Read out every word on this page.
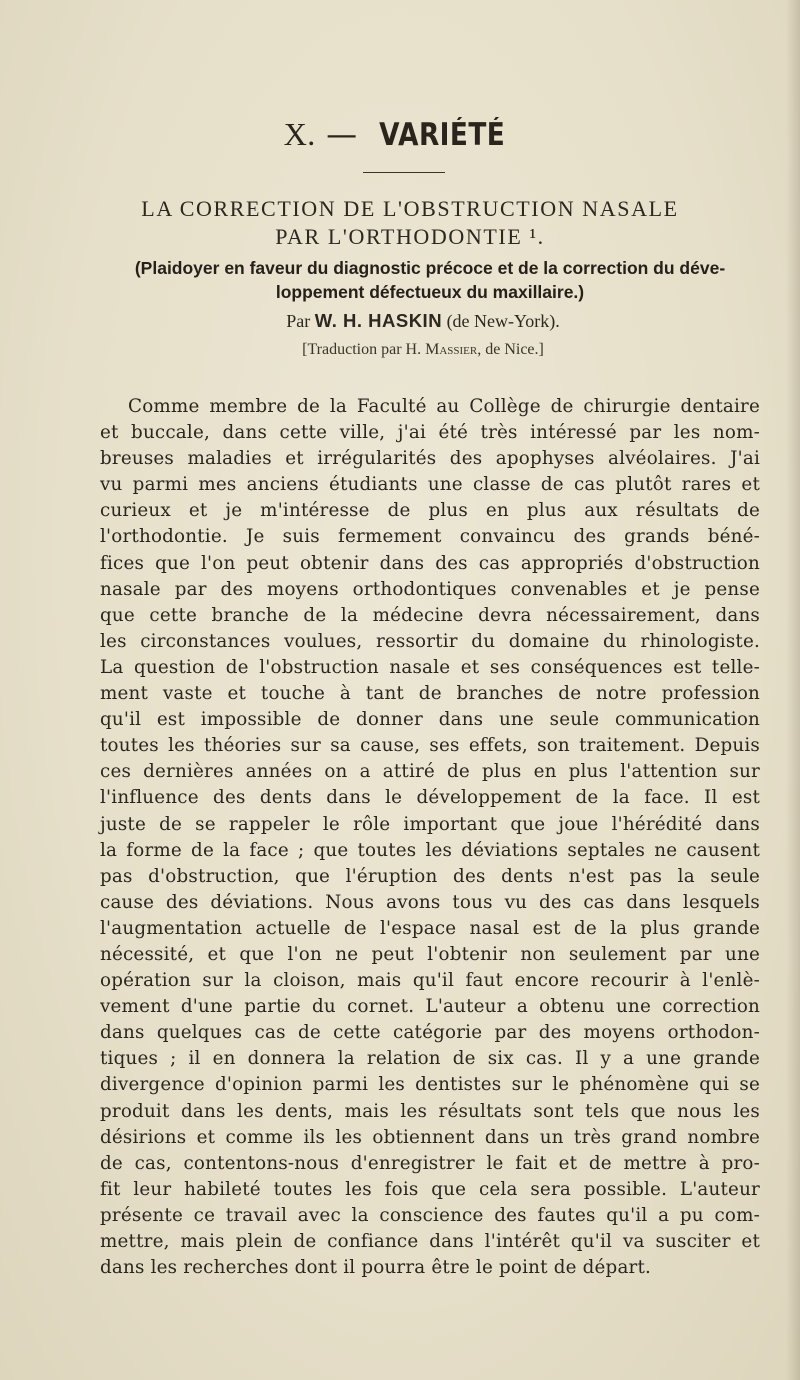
X. — VARIÉTÉ
LA CORRECTION DE L'OBSTRUCTION NASALE
PAR L'ORTHODONTIE ¹.
(Plaidoyer en faveur du diagnostic précoce et de la correction du déve-
loppement défectueux du maxillaire.)
Par W. H. HASKIN (de New-York).
[Traduction par H. Massier, de Nice.]
Comme membre de la Faculté au Collège de chirurgie dentaire
et buccale, dans cette ville, j'ai été très intéressé par les nom-
breuses maladies et irrégularités des apophyses alvéolaires. J'ai
vu parmi mes anciens étudiants une classe de cas plutôt rares et
curieux et je m'intéresse de plus en plus aux résultats de
l'orthodontie. Je suis fermement convaincu des grands béné-
fices que l'on peut obtenir dans des cas appropriés d'obstruction
nasale par des moyens orthodontiques convenables et je pense
que cette branche de la médecine devra nécessairement, dans
les circonstances voulues, ressortir du domaine du rhinologiste.
La question de l'obstruction nasale et ses conséquences est telle-
ment vaste et touche à tant de branches de notre profession
qu'il est impossible de donner dans une seule communication
toutes les théories sur sa cause, ses effets, son traitement. Depuis
ces dernières années on a attiré de plus en plus l'attention sur
l'influence des dents dans le développement de la face. Il est
juste de se rappeler le rôle important que joue l'hérédité dans
la forme de la face ; que toutes les déviations septales ne causent
pas d'obstruction, que l'éruption des dents n'est pas la seule
cause des déviations. Nous avons tous vu des cas dans lesquels
l'augmentation actuelle de l'espace nasal est de la plus grande
nécessité, et que l'on ne peut l'obtenir non seulement par une
opération sur la cloison, mais qu'il faut encore recourir à l'enlè-
vement d'une partie du cornet. L'auteur a obtenu une correction
dans quelques cas de cette catégorie par des moyens orthodon-
tiques ; il en donnera la relation de six cas. Il y a une grande
divergence d'opinion parmi les dentistes sur le phénomène qui se
produit dans les dents, mais les résultats sont tels que nous les
désirions et comme ils les obtiennent dans un très grand nombre
de cas, contentons-nous d'enregistrer le fait et de mettre à pro-
fit leur habileté toutes les fois que cela sera possible. L'auteur
présente ce travail avec la conscience des fautes qu'il a pu com-
mettre, mais plein de confiance dans l'intérêt qu'il va susciter et
dans les recherches dont il pourra être le point de départ.
